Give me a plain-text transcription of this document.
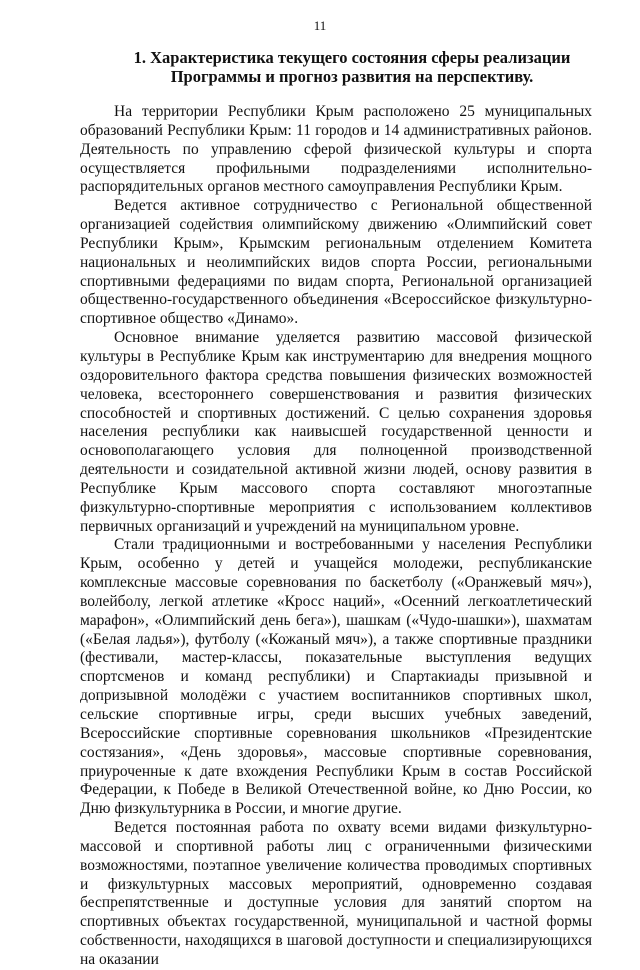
11
1. Характеристика текущего состояния сферы реализации Программы и прогноз развития на перспективу.

На территории Республики Крым расположено 25 муниципальных образований Республики Крым: 11 городов и 14 административных районов. Деятельность по управлению сферой физической культуры и спорта осуществляется профильными подразделениями исполнительно-распорядительных органов местного самоуправления Республики Крым.

Ведется активное сотрудничество с Региональной общественной организацией содействия олимпийскому движению «Олимпийский совет Республики Крым», Крымским региональным отделением Комитета национальных и неолимпийских видов спорта России, региональными спортивными федерациями по видам спорта, Региональной организацией общественно-государственного объединения «Всероссийское физкультурно-спортивное общество «Динамо».

Основное внимание уделяется развитию массовой физической культуры в Республике Крым как инструментарию для внедрения мощного оздоровительного фактора средства повышения физических возможностей человека, всестороннего совершенствования и развития физических способностей и спортивных достижений. С целью сохранения здоровья населения республики как наивысшей государственной ценности и основополагающего условия для полноценной производственной деятельности и созидательной активной жизни людей, основу развития в Республике Крым массового спорта составляют многоэтапные физкультурно-спортивные мероприятия с использованием коллективов первичных организаций и учреждений на муниципальном уровне.

Стали традиционными и востребованными у населения Республики Крым, особенно у детей и учащейся молодежи, республиканские комплексные массовые соревнования по баскетболу («Оранжевый мяч»), волейболу, легкой атлетике «Кросс наций», «Осенний легкоатлетический марафон», «Олимпийский день бега»), шашкам («Чудо-шашки»), шахматам («Белая ладья»), футболу («Кожаный мяч»), а также спортивные праздники (фестивали, мастер-классы, показательные выступления ведущих спортсменов и команд республики) и Спартакиады призывной и допризывной молодёжи с участием воспитанников спортивных школ, сельские спортивные игры, среди высших учебных заведений, Всероссийские спортивные соревнования школьников «Президентские состязания», «День здоровья», массовые спортивные соревнования, приуроченные к дате вхождения Республики Крым в состав Российской Федерации, к Победе в Великой Отечественной войне, ко Дню России, ко Дню физкультурника в России, и многие другие.

Ведется постоянная работа по охвату всеми видами физкультурно-массовой и спортивной работы лиц с ограниченными физическими возможностями, поэтапное увеличение количества проводимых спортивных и физкультурных массовых мероприятий, одновременно создавая беспрепятственные и доступные условия для занятий спортом на спортивных объектах государственной, муниципальной и частной формы собственности, находящихся в шаговой доступности и специализирующихся на оказании
